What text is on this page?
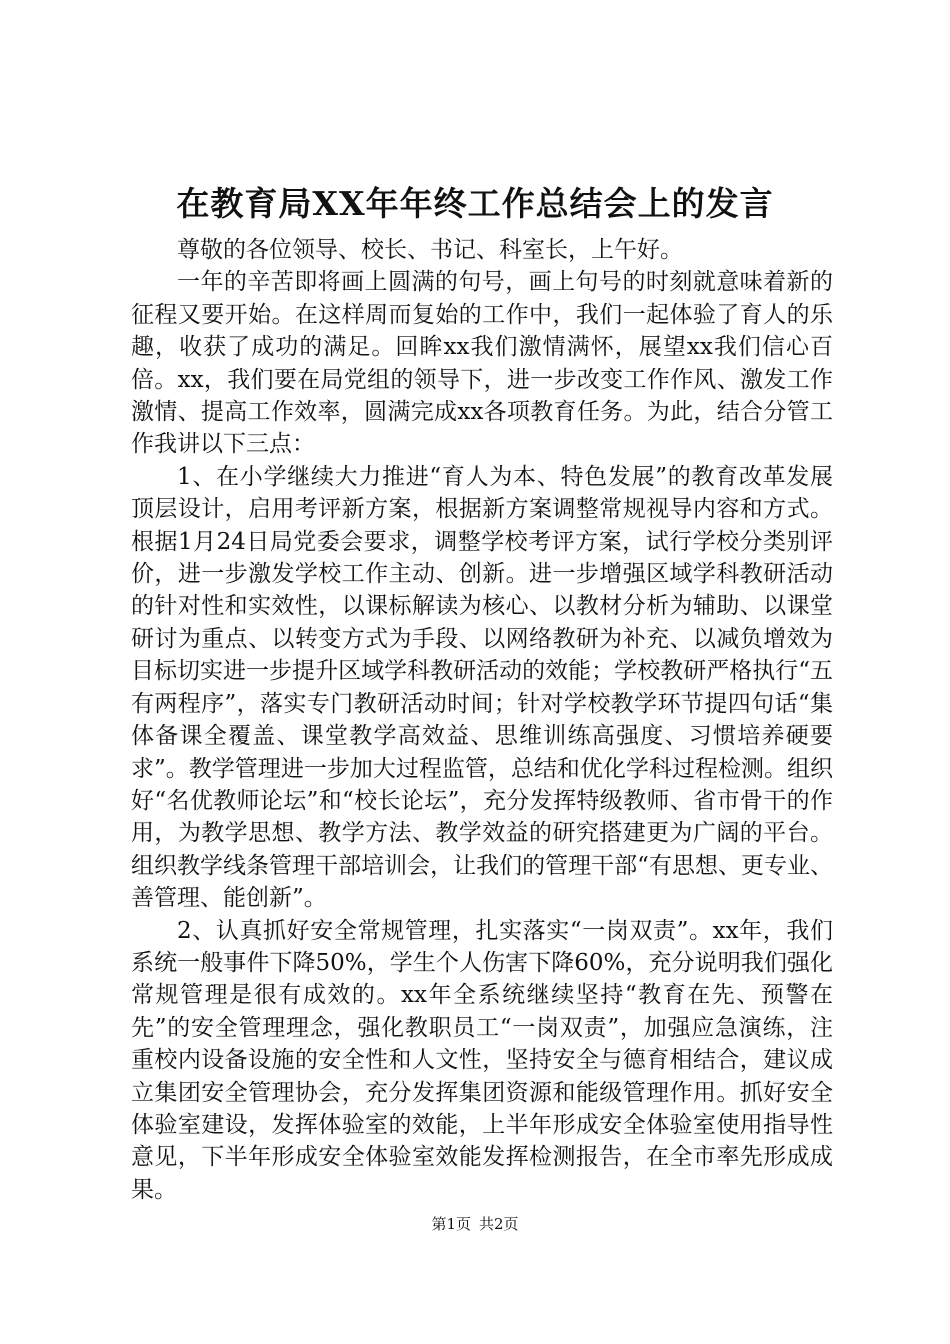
在教育局XX年年终工作总结会上的发言

尊敬的各位领导、校长、书记、科室长，上午好。

一年的辛苦即将画上圆满的句号，画上句号的时刻就意味着新的征程又要开始。在这样周而复始的工作中，我们一起体验了育人的乐趣，收获了成功的满足。回眸xx我们激情满怀，展望xx我们信心百倍。xx，我们要在局党组的领导下，进一步改变工作作风、激发工作激情、提高工作效率，圆满完成xx各项教育任务。为此，结合分管工作我讲以下三点：

1、在小学继续大力推进“育人为本、特色发展”的教育改革发展顶层设计，启用考评新方案，根据新方案调整常规视导内容和方式。根据1月24日局党委会要求，调整学校考评方案，试行学校分类别评价，进一步激发学校工作主动、创新。进一步增强区域学科教研活动的针对性和实效性，以课标解读为核心、以教材分析为辅助、以课堂研讨为重点、以转变方式为手段、以网络教研为补充、以减负增效为目标切实进一步提升区域学科教研活动的效能；学校教研严格执行“五有两程序”，落实专门教研活动时间；针对学校教学环节提四句话“集体备课全覆盖、课堂教学高效益、思维训练高强度、习惯培养硬要求”。教学管理进一步加大过程监管，总结和优化学科过程检测。组织好“名优教师论坛”和“校长论坛”，充分发挥特级教师、省市骨干的作用，为教学思想、教学方法、教学效益的研究搭建更为广阔的平台。组织教学线条管理干部培训会，让我们的管理干部“有思想、更专业、善管理、能创新”。

2、认真抓好安全常规管理，扎实落实“一岗双责”。xx年，我们系统一般事件下降50%，学生个人伤害下降60%，充分说明我们强化常规管理是很有成效的。xx年全系统继续坚持“教育在先、预警在先”的安全管理理念，强化教职员工“一岗双责”，加强应急演练，注重校内设备设施的安全性和人文性，坚持安全与德育相结合，建议成立集团安全管理协会，充分发挥集团资源和能级管理作用。抓好安全体验室建设，发挥体验室的效能，上半年形成安全体验室使用指导性意见，下半年形成安全体验室效能发挥检测报告，在全市率先形成成果。

第1页 共2页
